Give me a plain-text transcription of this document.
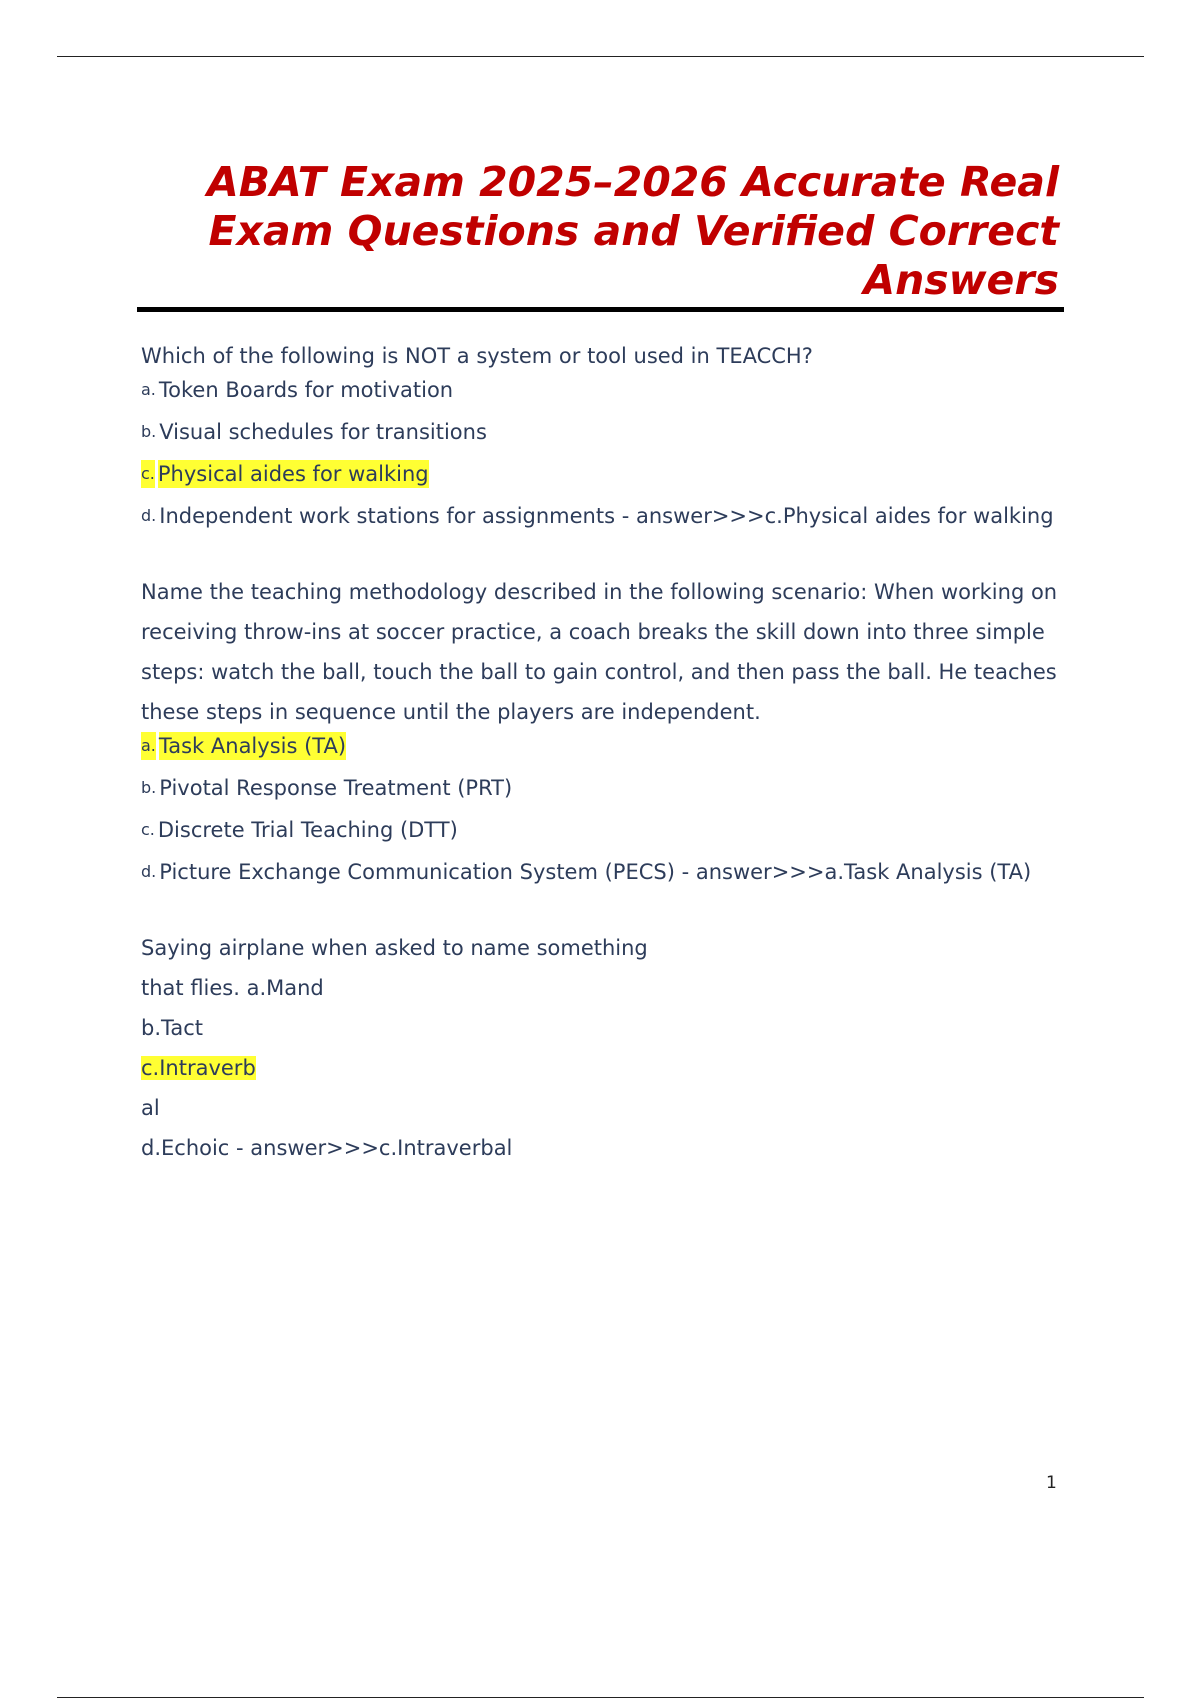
ABAT Exam 2025–2026 Accurate Real Exam Questions and Verified Correct Answers

Which of the following is NOT a system or tool used in TEACCH?

a. Token Boards for motivation
b. Visual schedules for transitions
c. Physical aides for walking
d. Independent work stations for assignments - answer>>>c.Physical aides for walking

Name the teaching methodology described in the following scenario: When working on receiving throw-ins at soccer practice, a coach breaks the skill down into three simple steps: watch the ball, touch the ball to gain control, and then pass the ball. He teaches these steps in sequence until the players are independent.

a. Task Analysis (TA)
b. Pivotal Response Treatment (PRT)
c. Discrete Trial Teaching (DTT)
d. Picture Exchange Communication System (PECS) - answer>>>a.Task Analysis (TA)

Saying airplane when asked to name something

that flies. a.Mand

b.Tact

c.Intraverb

al

d.Echoic - answer>>>c.Intraverbal

1
